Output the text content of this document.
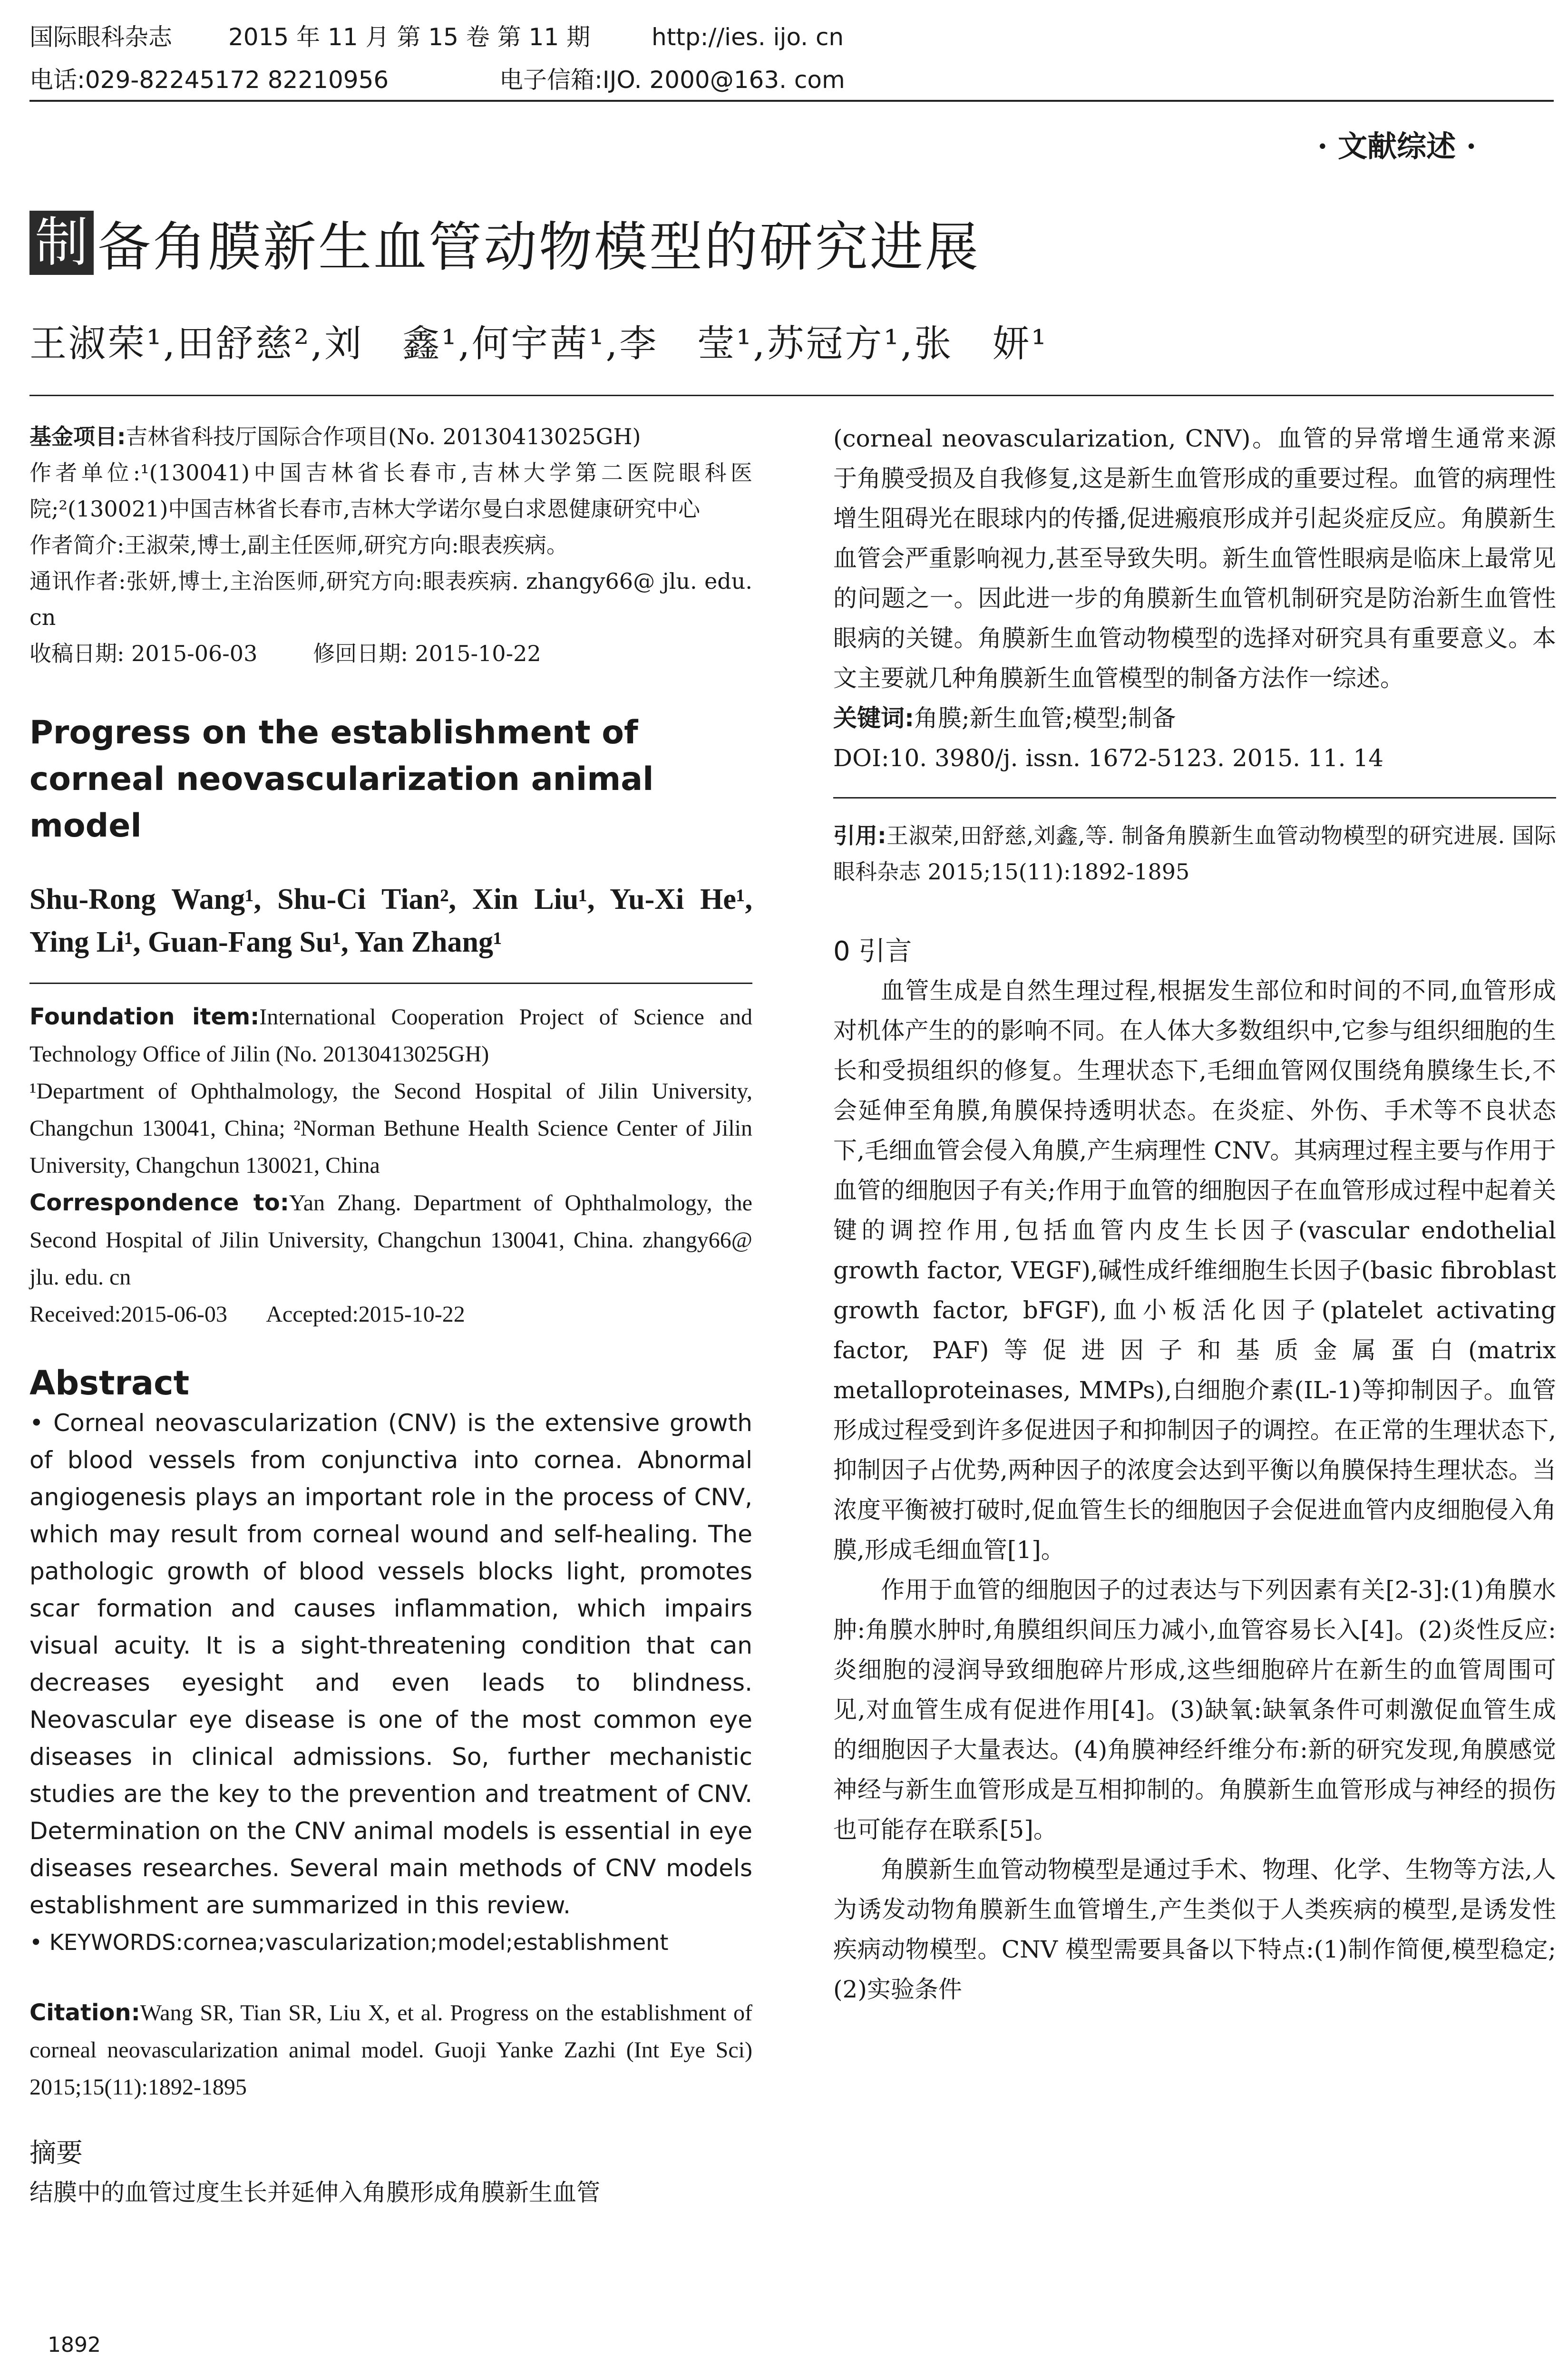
国际眼科杂志 2015 年 11 月 第 15 卷 第 11 期	http://ies. ijo. cn
电话:029-82245172 82210956	电子信箱:IJO. 2000@163. com
· 文献综述 ·
制 备角膜新生血管动物模型的研究进展
王淑荣¹,田舒慈²,刘　鑫¹,何宇茜¹,李　莹¹,苏冠方¹,张　妍¹
基金项目:吉林省科技厅国际合作项目(No. 20130413025GH)
作者单位:¹(130041)中国吉林省长春市,吉林大学第二医院眼科医院;²(130021)中国吉林省长春市,吉林大学诺尔曼白求恩健康研究中心
作者简介:王淑荣,博士,副主任医师,研究方向:眼表疾病。
通讯作者:张妍,博士,主治医师,研究方向:眼表疾病. zhangy66@ jlu. edu. cn
收稿日期: 2015-06-03        修回日期: 2015-10-22
Progress on the establishment of corneal neovascularization animal model
Shu-Rong Wang¹, Shu-Ci Tian², Xin Liu¹, Yu-Xi He¹, Ying Li¹, Guan-Fang Su¹, Yan Zhang¹
Foundation item:International Cooperation Project of Science and Technology Office of Jilin (No. 20130413025GH)
¹Department of Ophthalmology, the Second Hospital of Jilin University, Changchun 130041, China; ²Norman Bethune Health Science Center of Jilin University, Changchun 130021, China
Correspondence to:Yan Zhang. Department of Ophthalmology, the Second Hospital of Jilin University, Changchun 130041, China. zhangy66@ jlu. edu. cn
Received:2015-06-03       Accepted:2015-10-22
Abstract
• Corneal neovascularization (CNV) is the extensive growth of blood vessels from conjunctiva into cornea. Abnormal angiogenesis plays an important role in the process of CNV, which may result from corneal wound and self-healing. The pathologic growth of blood vessels blocks light, promotes scar formation and causes inflammation, which impairs visual acuity. It is a sight-threatening condition that can decreases eyesight and even leads to blindness. Neovascular eye disease is one of the most common eye diseases in clinical admissions. So, further mechanistic studies are the key to the prevention and treatment of CNV. Determination on the CNV animal models is essential in eye diseases researches. Several main methods of CNV models establishment are summarized in this review.
• KEYWORDS:cornea;vascularization;model;establishment
Citation:Wang SR, Tian SR, Liu X, et al. Progress on the establishment of corneal neovascularization animal model. Guoji Yanke Zazhi (Int Eye Sci) 2015;15(11):1892-1895
摘要
结膜中的血管过度生长并延伸入角膜形成角膜新生血管
(corneal neovascularization, CNV)。血管的异常增生通常来源于角膜受损及自我修复,这是新生血管形成的重要过程。血管的病理性增生阻碍光在眼球内的传播,促进瘢痕形成并引起炎症反应。角膜新生血管会严重影响视力,甚至导致失明。新生血管性眼病是临床上最常见的问题之一。因此进一步的角膜新生血管机制研究是防治新生血管性眼病的关键。角膜新生血管动物模型的选择对研究具有重要意义。本文主要就几种角膜新生血管模型的制备方法作一综述。
关键词:角膜;新生血管;模型;制备
DOI:10. 3980/j. issn. 1672-5123. 2015. 11. 14
引用:王淑荣,田舒慈,刘鑫,等. 制备角膜新生血管动物模型的研究进展. 国际眼科杂志 2015;15(11):1892-1895
0 引言
血管生成是自然生理过程,根据发生部位和时间的不同,血管形成对机体产生的的影响不同。在人体大多数组织中,它参与组织细胞的生长和受损组织的修复。生理状态下,毛细血管网仅围绕角膜缘生长,不会延伸至角膜,角膜保持透明状态。在炎症、外伤、手术等不良状态下,毛细血管会侵入角膜,产生病理性 CNV。其病理过程主要与作用于血管的细胞因子有关;作用于血管的细胞因子在血管形成过程中起着关键的调控作用,包括血管内皮生长因子(vascular endothelial growth factor, VEGF),碱性成纤维细胞生长因子(basic fibroblast growth factor, bFGF),血小板活化因子(platelet activating factor, PAF)等促进因子和基质金属蛋白(matrix metalloproteinases, MMPs),白细胞介素(IL-1)等抑制因子。血管形成过程受到许多促进因子和抑制因子的调控。在正常的生理状态下,抑制因子占优势,两种因子的浓度会达到平衡以角膜保持生理状态。当浓度平衡被打破时,促血管生长的细胞因子会促进血管内皮细胞侵入角膜,形成毛细血管[1]。
作用于血管的细胞因子的过表达与下列因素有关[2-3]:(1)角膜水肿:角膜水肿时,角膜组织间压力减小,血管容易长入[4]。(2)炎性反应:炎细胞的浸润导致细胞碎片形成,这些细胞碎片在新生的血管周围可见,对血管生成有促进作用[4]。(3)缺氧:缺氧条件可刺激促血管生成的细胞因子大量表达。(4)角膜神经纤维分布:新的研究发现,角膜感觉神经与新生血管形成是互相抑制的。角膜新生血管形成与神经的损伤也可能存在联系[5]。
角膜新生血管动物模型是通过手术、物理、化学、生物等方法,人为诱发动物角膜新生血管增生,产生类似于人类疾病的模型,是诱发性疾病动物模型。CNV 模型需要具备以下特点:(1)制作简便,模型稳定;(2)实验条件
1892
